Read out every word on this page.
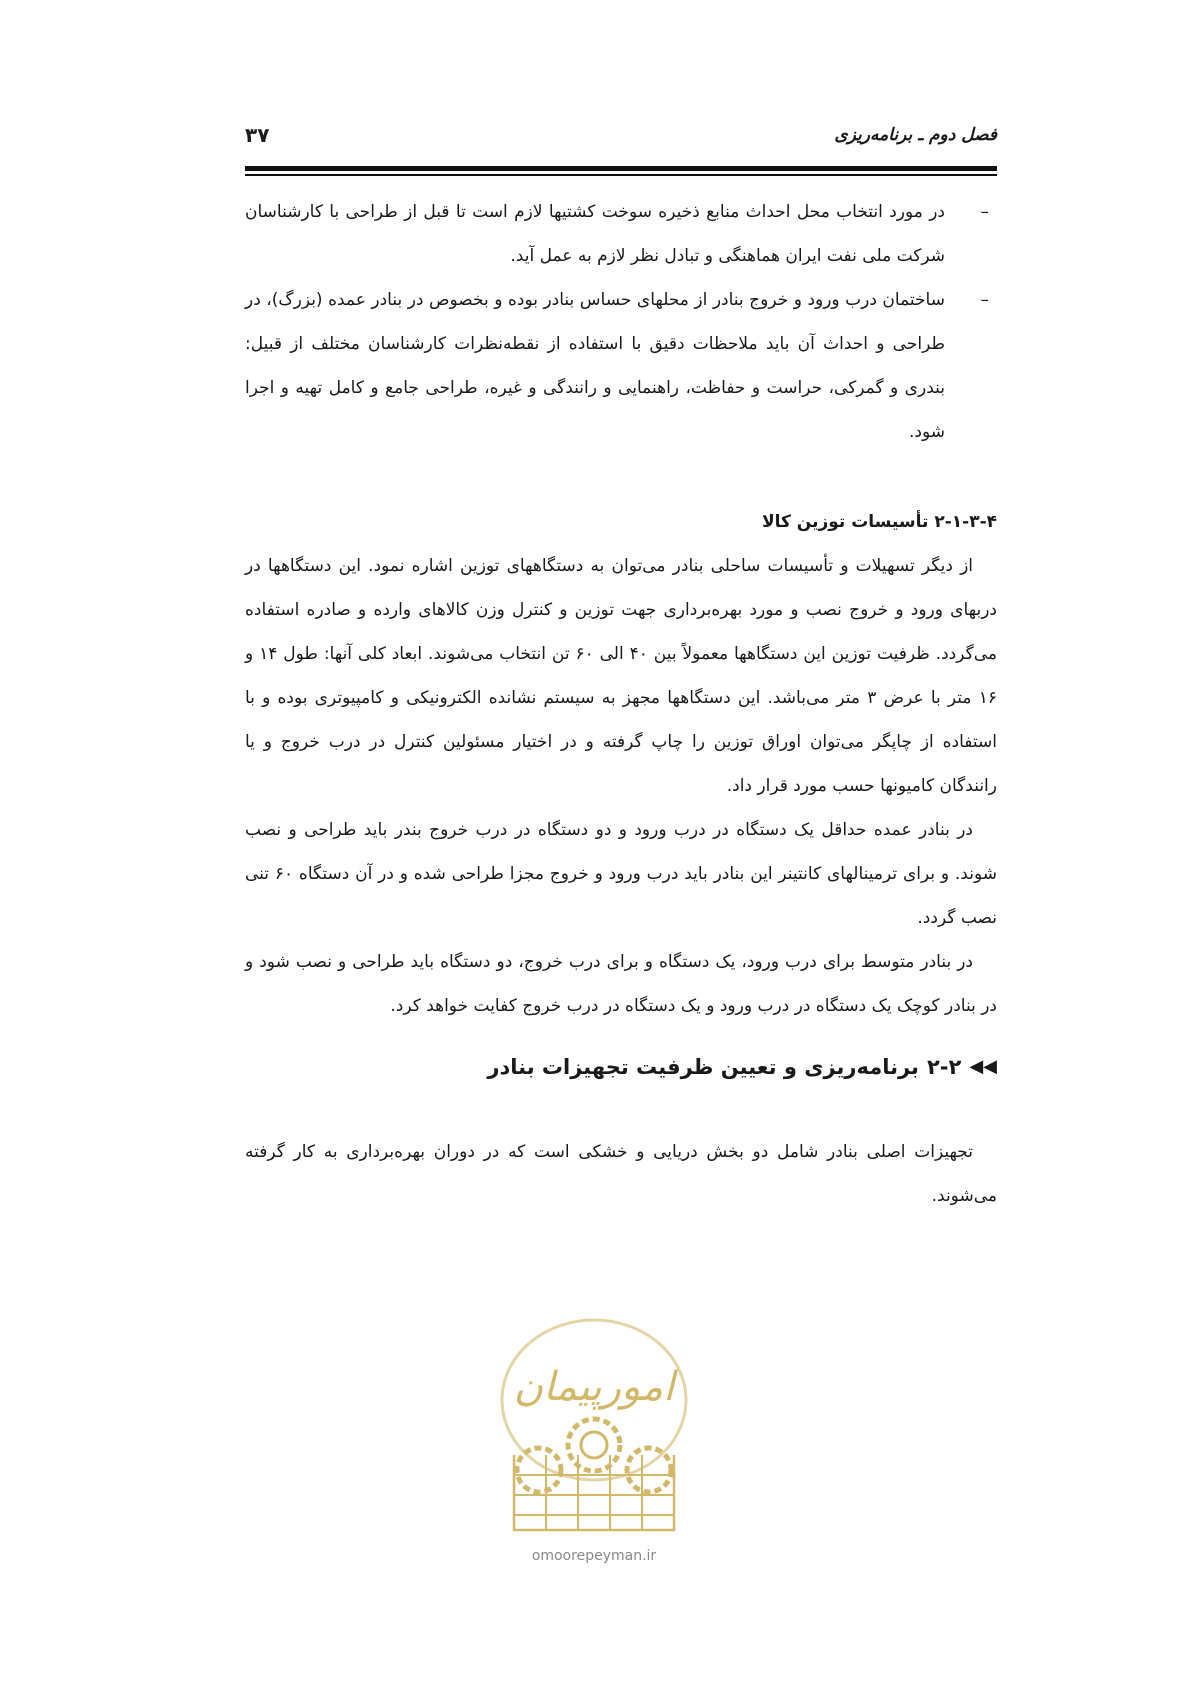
فصل دوم ـ برنامه‌ریزی
۳۷
–
در مورد انتخاب محل احداث منابع ذخیره سوخت کشتیها لازم است تا قبل از طراحی با کارشناسان شرکت ملی نفت ایران هماهنگی و تبادل نظر لازم به عمل آید.
–
ساختمان درب ورود و خروج بنادر از محلهای حساس بنادر بوده و بخصوص در بنادر عمده (بزرگ)، در طراحی و احداث آن باید ملاحظات دقیق با استفاده از نقطه‌نظرات کارشناسان مختلف از قبیل: بندری و گمرکی، حراست و حفاظت، راهنمایی و رانندگی و غیره، طراحی جامع و کامل تهیه و اجرا شود.
۲-۱-۳-۴ تأسیسات توزین کالا

از دیگر تسهیلات و تأسیسات ساحلی بنادر می‌توان به دستگاههای توزین اشاره نمود. این دستگاهها در دربهای ورود و خروج نصب و مورد بهره‌برداری جهت توزین و کنترل وزن کالاهای وارده و صادره استفاده می‌گردد. ظرفیت توزین این دستگاهها معمولاً بین ۴۰ الی ۶۰ تن انتخاب می‌شوند. ابعاد کلی آنها: طول ۱۴ و ۱۶ متر با عرض ۳ متر می‌باشد. این دستگاهها مجهز به سیستم نشانده الکترونیکی و کامپیوتری بوده و با استفاده از چاپگر می‌توان اوراق توزین را چاپ گرفته و در اختیار مسئولین کنترل در درب خروج و یا رانندگان کامیونها حسب مورد قرار داد.

در بنادر عمده حداقل یک دستگاه در درب ورود و دو دستگاه در درب خروج بندر باید طراحی و نصب شوند. و برای ترمینالهای کانتینر این بنادر باید درب ورود و خروج مجزا طراحی شده و در آن دستگاه ۶۰ تنی نصب گردد.

در بنادر متوسط برای درب ورود، یک دستگاه و برای درب خروج، دو دستگاه باید طراحی و نصب شود و در بنادر کوچک یک دستگاه در درب ورود و یک دستگاه در درب خروج کفایت خواهد کرد.

◀◀
۲-۲
برنامه‌ریزی و تعیین ظرفیت تجهیزات بنادر

تجهیزات اصلی بنادر شامل دو بخش دریایی و خشکی است که در دوران بهره‌برداری به کار گرفته می‌شوند.

امورپیمان
omoorepeyman.ir
